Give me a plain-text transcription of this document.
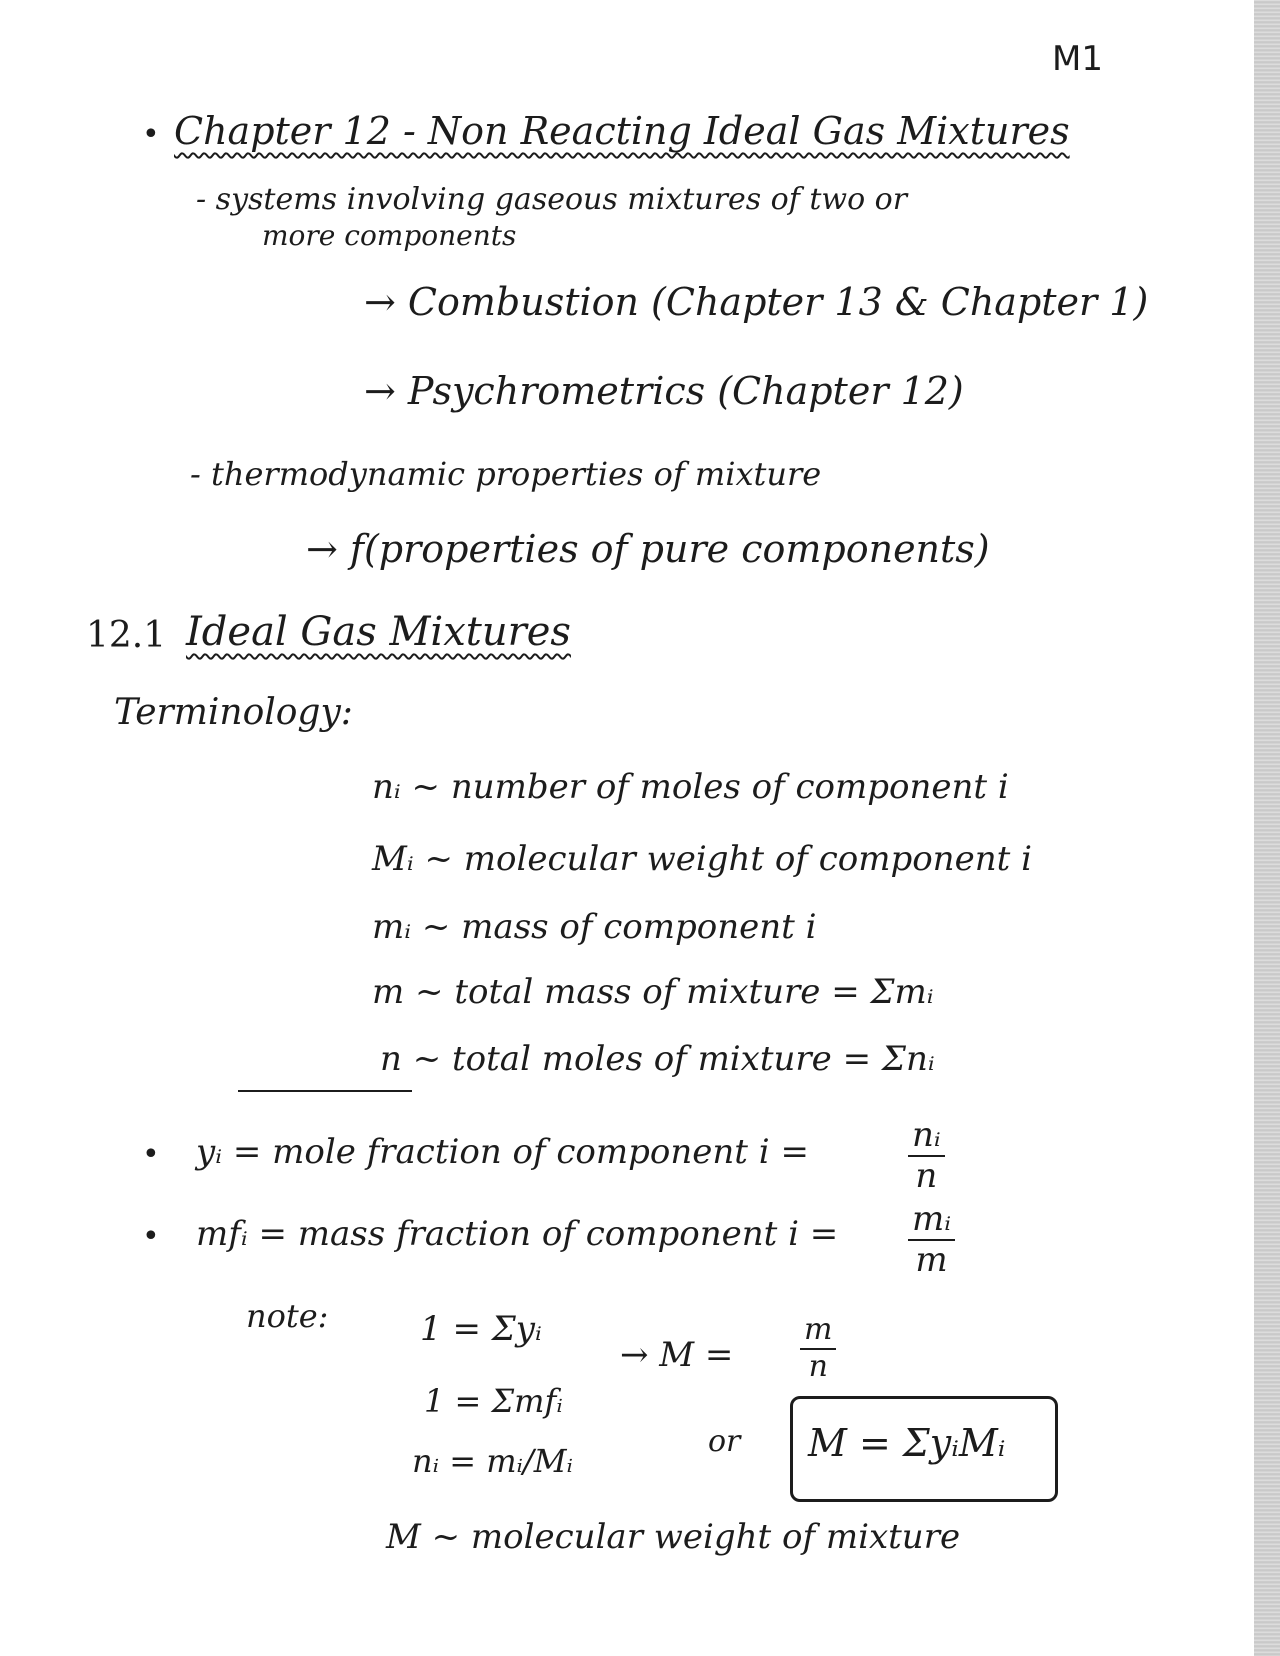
M1
• Chapter 12 - Non Reacting Ideal Gas Mixtures
- systems involving gaseous mixtures of two or
more components
→ Combustion (Chapter 13 & Chapter 1)
→ Psychrometrics (Chapter 12)
- thermodynamic properties of mixture
→ f(properties of pure components)
12.1 Ideal Gas Mixtures
Terminology:
nᵢ ~ number of moles of component i
Mᵢ ~ molecular weight of component i
mᵢ ~ mass of component i
m ~ total mass of mixture = Σmᵢ
n ~ total moles of mixture = Σnᵢ
• yᵢ = mole fraction of component i =	$\frac{\text{nᵢ}}{n}$
• mfᵢ = mass fraction of component $i = \frac{\text{mᵢ}}{m}$
note:	1 = Σyᵢ
1 = Σmfᵢ
nᵢ = mᵢ/Mᵢ
→ $M = \frac{m}{n}$
or M = ΣyᵢMᵢ
M ~ molecular weight of mixture
